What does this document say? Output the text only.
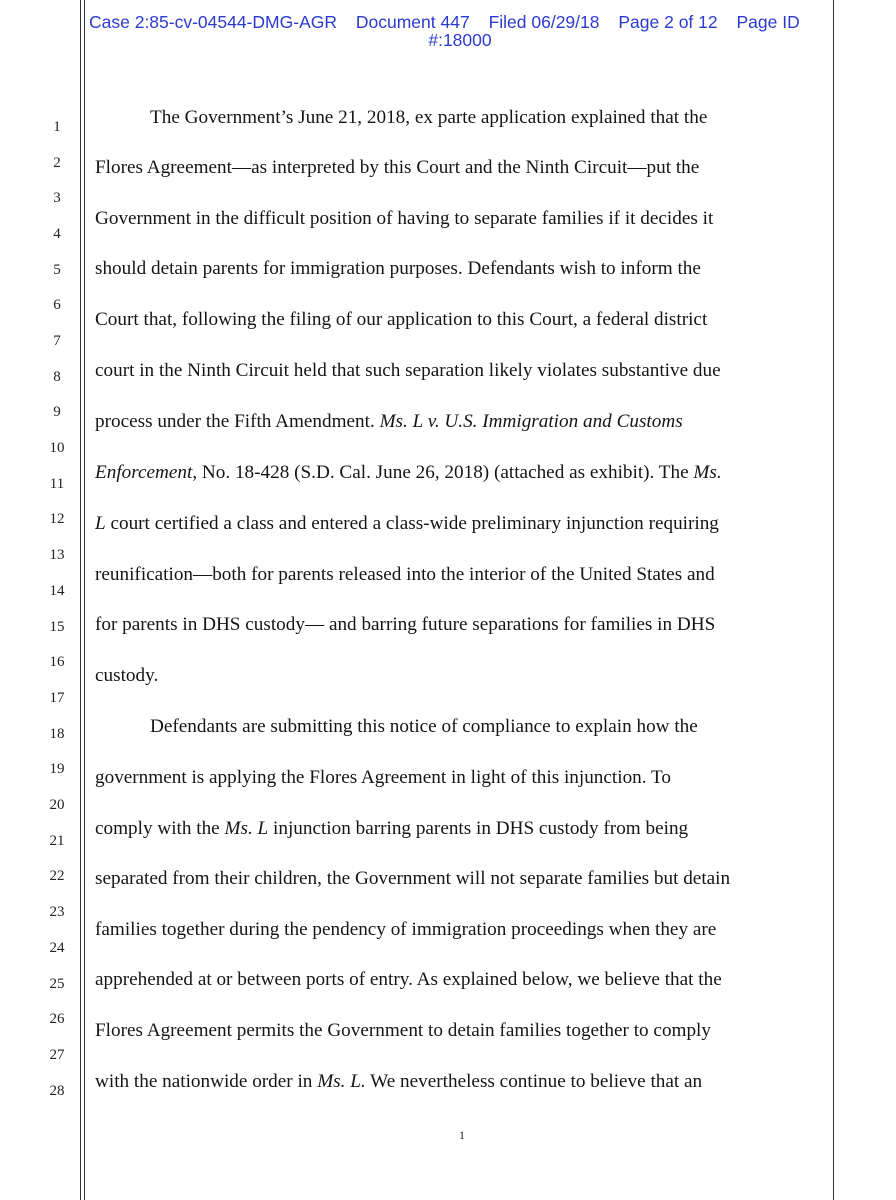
Case 2:85-cv-04544-DMG-AGR Document 447 Filed 06/29/18 Page 2 of 12 Page ID
#:18000
1
2
3
4
5
6
7
8
9
10
11
12
13
14
15
16
17
18
19
20
21
22
23
24
25
26
27
28
The Government’s June 21, 2018, ex parte application explained that the
Flores Agreement—as interpreted by this Court and the Ninth Circuit—put the
Government in the difficult position of having to separate families if it decides it
should detain parents for immigration purposes. Defendants wish to inform the
Court that, following the filing of our application to this Court, a federal district
court in the Ninth Circuit held that such separation likely violates substantive due
process under the Fifth Amendment. Ms. L v. U.S. Immigration and Customs
Enforcement, No. 18-428 (S.D. Cal. June 26, 2018) (attached as exhibit). The Ms.
L court certified a class and entered a class-wide preliminary injunction requiring
reunification—both for parents released into the interior of the United States and
for parents in DHS custody— and barring future separations for families in DHS
custody.
Defendants are submitting this notice of compliance to explain how the
government is applying the Flores Agreement in light of this injunction. To
comply with the Ms. L injunction barring parents in DHS custody from being
separated from their children, the Government will not separate families but detain
families together during the pendency of immigration proceedings when they are
apprehended at or between ports of entry. As explained below, we believe that the
Flores Agreement permits the Government to detain families together to comply
with the nationwide order in Ms. L. We nevertheless continue to believe that an
1
